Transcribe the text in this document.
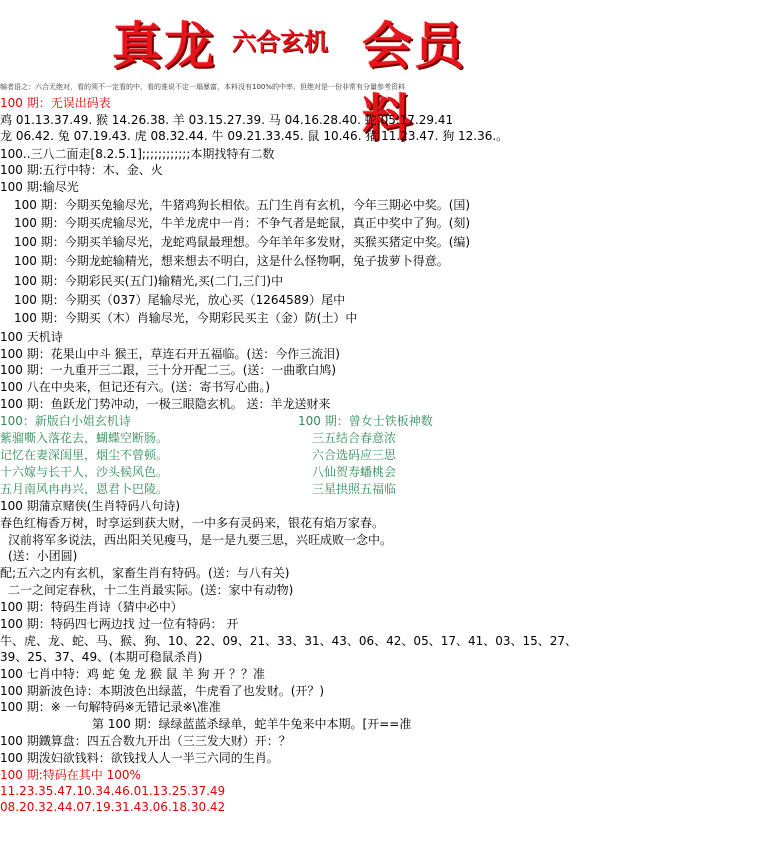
真龙 六合玄机 会员料
编者语之：六合无绝对，看的须不一定看的中，看的准说不定一塌暴富，本料没有100%的中率，但绝对是一份非常有分量参考资料
100 期：无误出码表
鸡 01.13.37.49. 猴 14.26.38. 羊 03.15.27.39. 马 04.16.28.40. 蛇 05.17.29.41
龙 06.42. 兔 07.19.43. 虎 08.32.44. 牛 09.21.33.45. 鼠 10.46. 猪 11.23.47. 狗 12.36.。
100..三八二面走[8.2.5.1];;;;;;;;;;;;本期找特有二数
100 期:五行中特：木、金、火
100 期:输尽光
100 期：今期买兔输尽光，牛猪鸡狗长相依。五门生肖有玄机，今年三期必中奖。(国)
100 期：今期买虎输尽光，牛羊龙虎中一肖：不争气者是蛇鼠，真正中奖中了狗。(刻)
100 期：今期买羊输尽光，龙蛇鸡鼠最理想。今年羊年多发财，买猴买猪定中奖。(编)
100 期：今期龙蛇输精光，想来想去不明白，这是什么怪物啊，兔子拔萝卜得意。
100 期：今期彩民买(五门)输精光,买(二门,三门)中
100 期：今期买（037）尾输尽光，放心买（1264589）尾中
100 期：今期买（木）肖输尽光，今期彩民买主（金）防(土）中
100 天机诗
100 期：花果山中斗 猴王，草连石开五福临。(送：今作三流泪)
100 期：一九重开三二跟，三十分开配二三。(送：一曲歌白鸠)
100 八在中央来，但记还有六。(送：寄书写心曲。)
100 期：鱼跃龙门势冲动，一极三眼隐玄机。 送：羊龙送财来
100：新版白小姐玄机诗	100 期：曾女士铁板神数
紫骝嘶入落花去，蝴蝶空断肠。	三五结合春意浓
记忆在妻深闺里，烟尘不曾顿。	六合选码应三思
十六嫁与长干人，沙头候风色。	八仙贺寿蟠桃会
五月南风冉冉兴，恩君卜巴陵。	三星拱照五福临
100 期蒲京赌侠(生肖特码八句诗)
春色红梅香万树，时享运到获大财，一中多有灵码来，银花有焰万家春。
汉前将军多说法，西出阳关见瘦马，是一是九要三思，兴旺成败一念中。
(送：小团圆)
配;五六之内有玄机，家畜生肖有特码。(送：与八有关)
二一之间定春秋，十二生肖最实际。(送：家中有动物)
100 期：特码生肖诗（猜中必中）
100 期：特码四七两边找 过一位有特码： 开
牛、虎、龙、蛇、马、猴、狗、10、22、09、21、33、31、43、06、42、05、17、41、03、15、27、
39、25、37、49、(本期可稳鼠杀肖)
100 七肖中特：鸡 蛇 兔 龙 猴 鼠 羊 狗 开 ？？准
100 期新波色诗：本期波色出绿蓝，牛虎看了也发财。(开？)
100 期：※ 一句解特码※无错记录※\准准
第 100 期：绿绿蓝蓝杀绿单，蛇羊牛兔来中本期。[开==准
100 期鐵算盘：四五合数九开出（三三发大财）开：？
100 期泼妇欲钱料：欲钱找人人一半三六同的生肖。
100 期:特码在其中 100%
11.23.35.47.10.34.46.01.13.25.37.49
08.20.32.44.07.19.31.43.06.18.30.42
